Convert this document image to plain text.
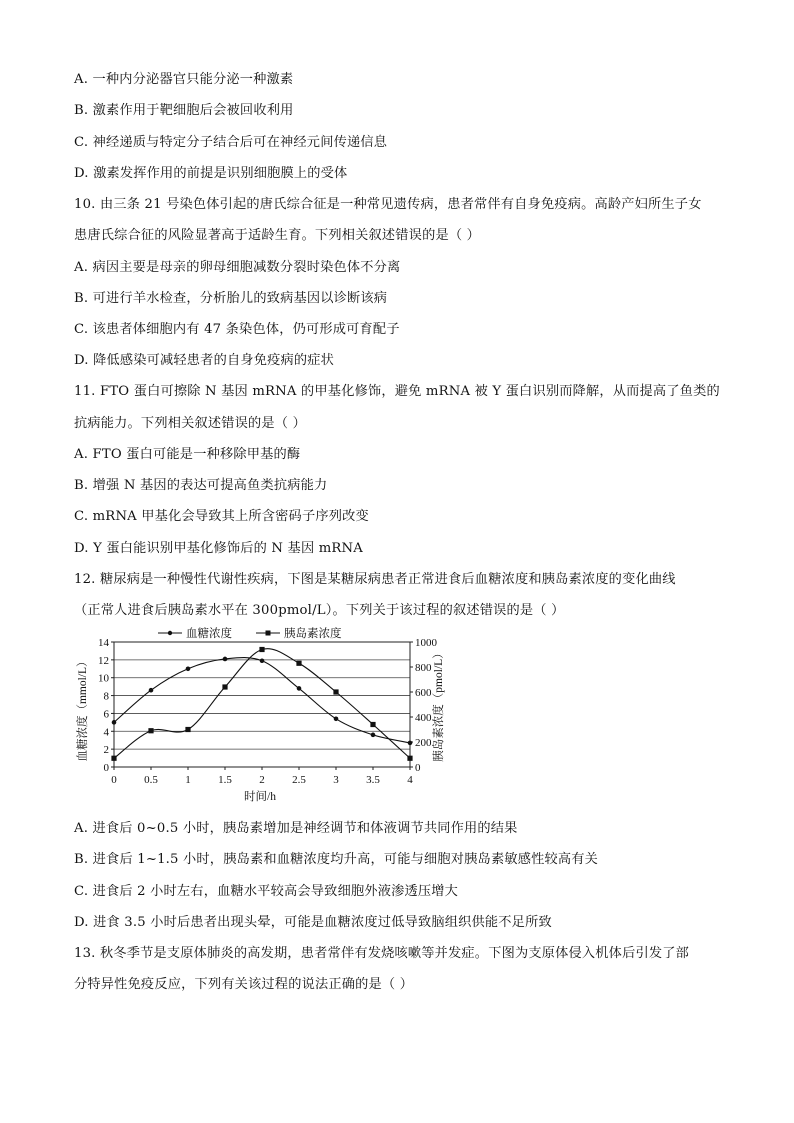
A. 一种内分泌器官只能分泌一种激素
B. 激素作用于靶细胞后会被回收利用
C. 神经递质与特定分子结合后可在神经元间传递信息
D. 激素发挥作用的前提是识别细胞膜上的受体
10. 由三条 21 号染色体引起的唐氏综合征是一种常见遗传病，患者常伴有自身免疫病。高龄产妇所生子女
患唐氏综合征的风险显著高于适龄生育。下列相关叙述错误的是（ ）
A. 病因主要是母亲的卵母细胞减数分裂时染色体不分离
B. 可进行羊水检查，分析胎儿的致病基因以诊断该病
C. 该患者体细胞内有 47 条染色体，仍可形成可育配子
D. 降低感染可减轻患者的自身免疫病的症状
11. FTO 蛋白可擦除 N 基因 mRNA 的甲基化修饰，避免 mRNA 被 Y 蛋白识别而降解，从而提高了鱼类的
抗病能力。下列相关叙述错误的是（ ）
A. FTO 蛋白可能是一种移除甲基的酶
B. 增强 N 基因的表达可提高鱼类抗病能力
C. mRNA 甲基化会导致其上所含密码子序列改变
D. Y 蛋白能识别甲基化修饰后的 N 基因 mRNA
12. 糖尿病是一种慢性代谢性疾病，下图是某糖尿病患者正常进食后血糖浓度和胰岛素浓度的变化曲线
（正常人进食后胰岛素水平在 300pmol/L）。下列关于该过程的叙述错误的是（ ）
0
2
4
6
8
10
12
14
0
200
400
600
800
1000
0 0.5 1 1.5 2 2.5 3 3.5 4
时间/h
血糖浓度（mmol/L）	胰岛素浓度（pmol/L）
血糖浓度	胰岛素浓度
A. 进食后 0~0.5 小时，胰岛素增加是神经调节和体液调节共同作用的结果
B. 进食后 1~1.5 小时，胰岛素和血糖浓度均升高，可能与细胞对胰岛素敏感性较高有关
C. 进食后 2 小时左右，血糖水平较高会导致细胞外液渗透压增大
D. 进食 3.5 小时后患者出现头晕，可能是血糖浓度过低导致脑组织供能不足所致
13. 秋冬季节是支原体肺炎的高发期，患者常伴有发烧咳嗽等并发症。下图为支原体侵入机体后引发了部
分特异性免疫反应，下列有关该过程的说法正确的是（ ）
